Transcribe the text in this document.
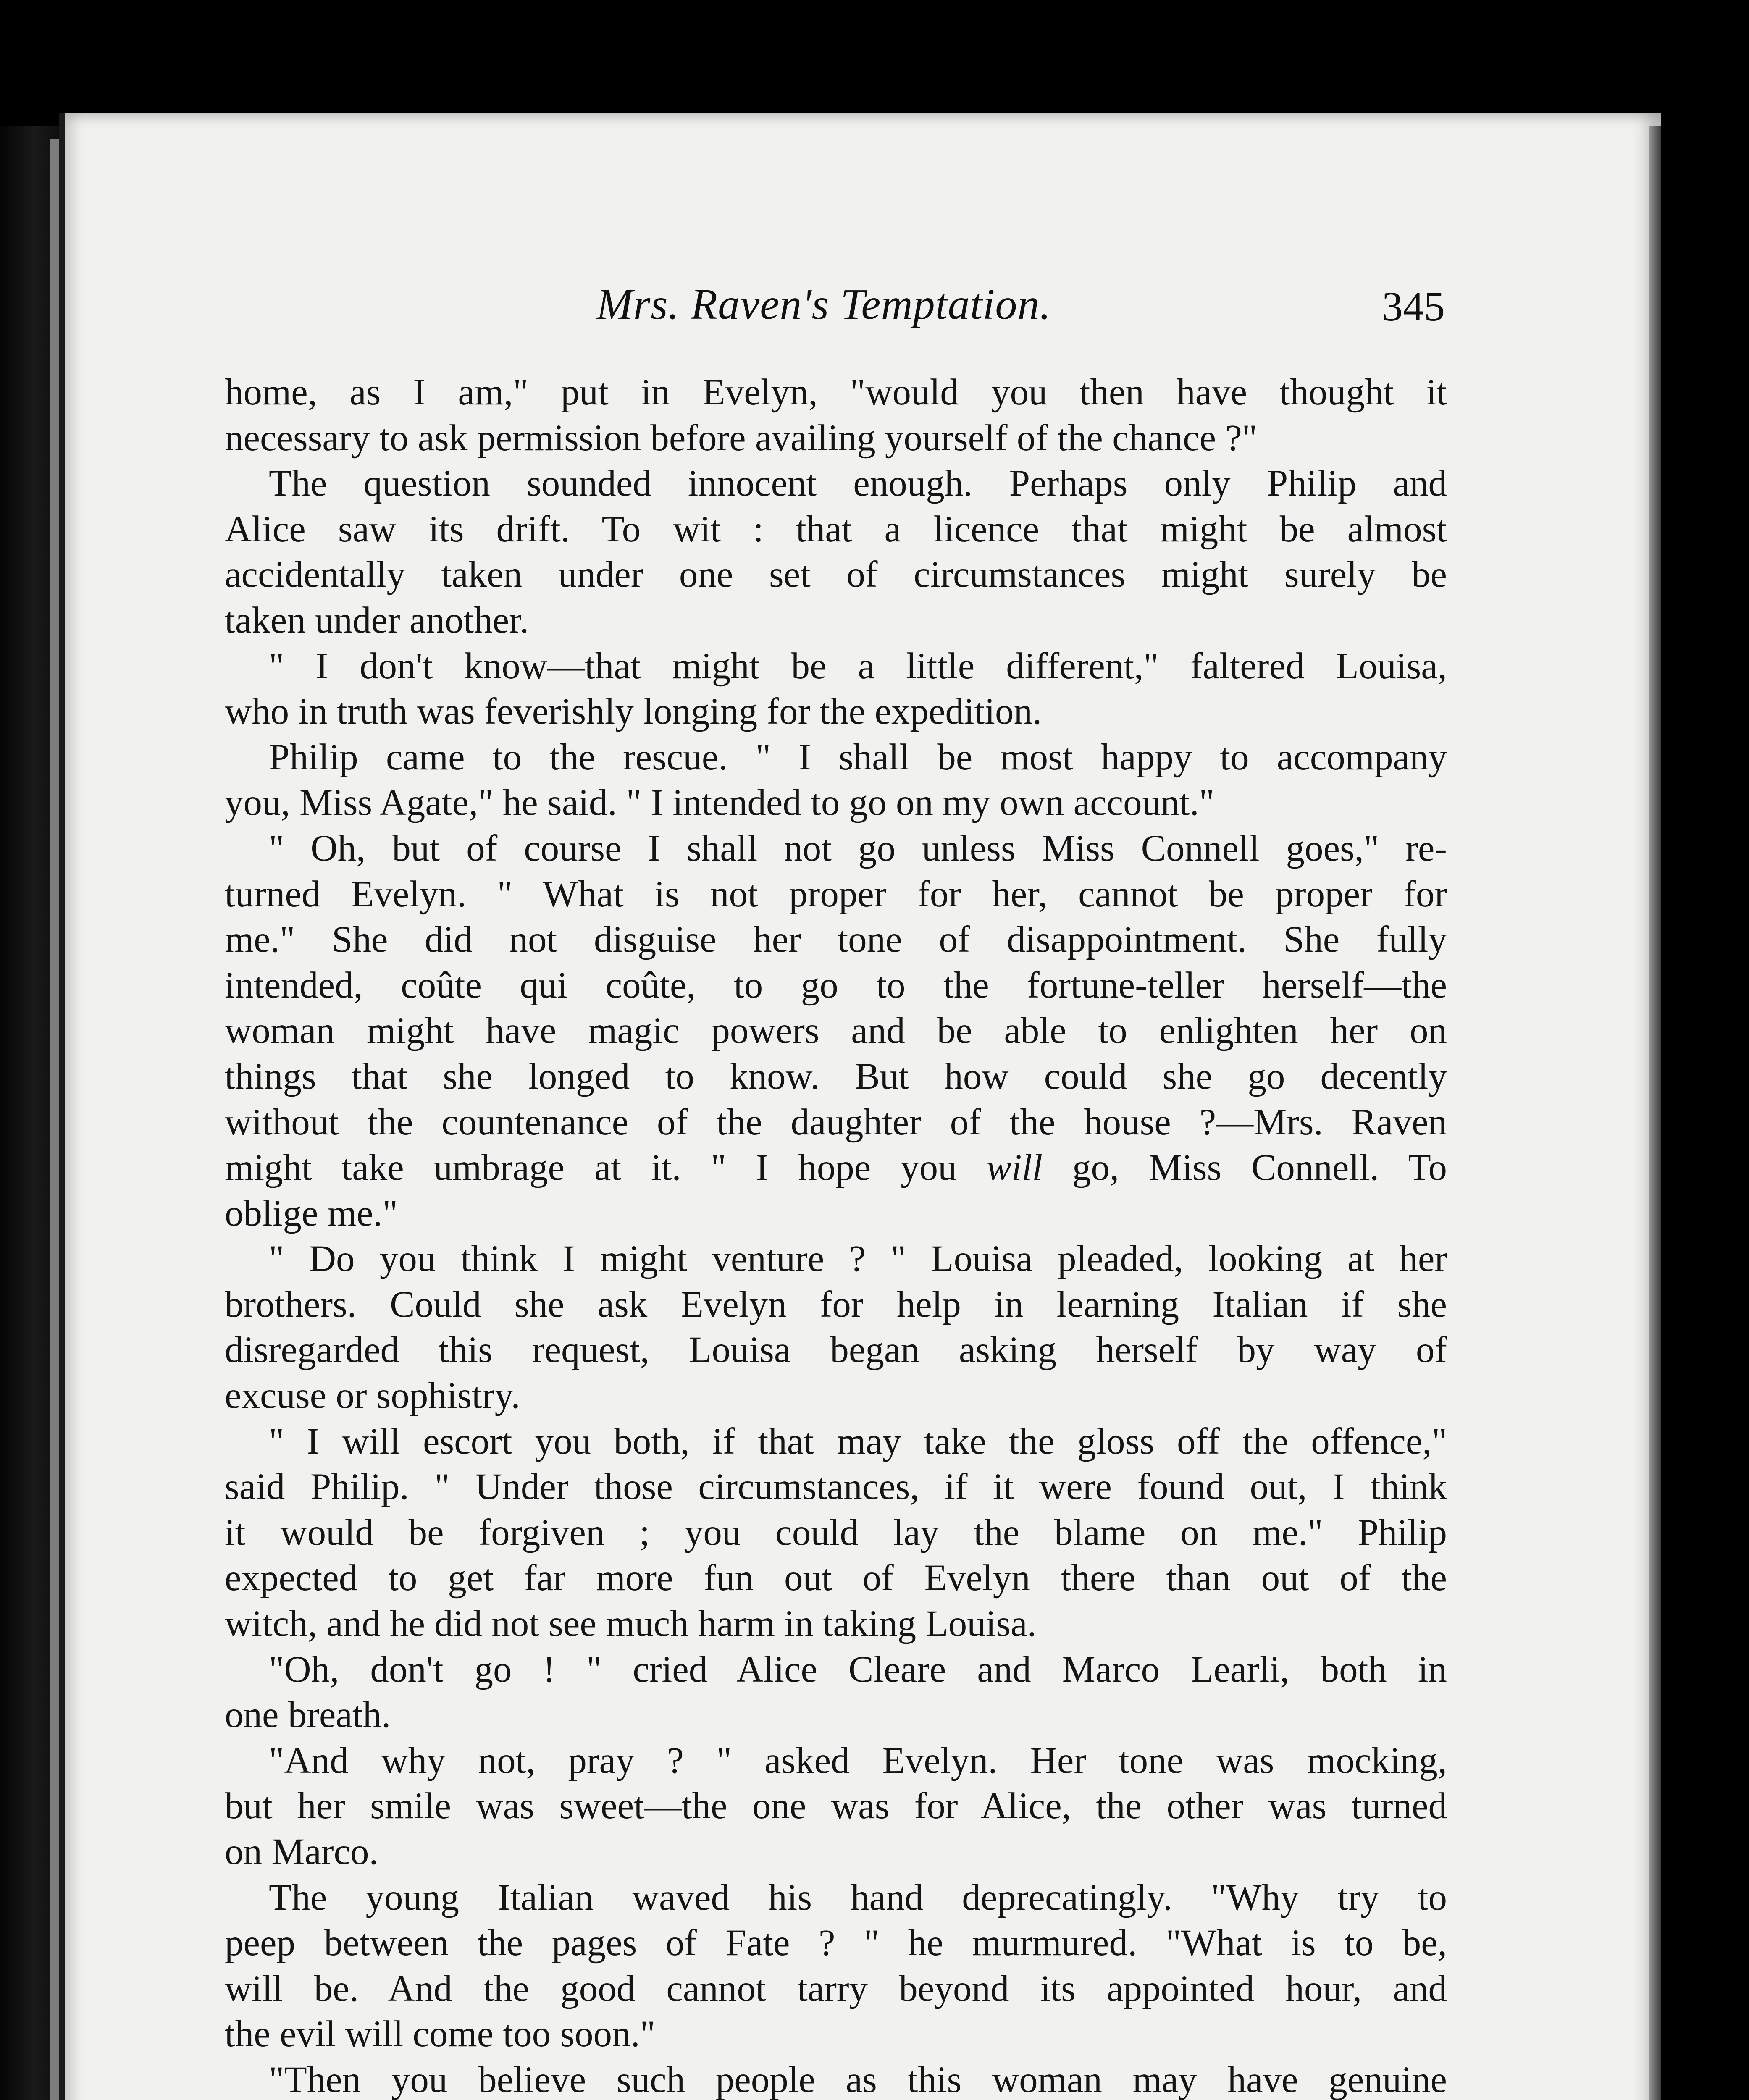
Mrs. Raven's Temptation.	345
home, as I am," put in Evelyn, "would you then have thought it
necessary to ask permission before availing yourself of the chance ?"
The question sounded innocent enough. Perhaps only Philip and
Alice saw its drift. To wit : that a licence that might be almost
accidentally taken under one set of circumstances might surely be
taken under another.
" I don't know—that might be a little different," faltered Louisa,
who in truth was feverishly longing for the expedition.
Philip came to the rescue. " I shall be most happy to accompany
you, Miss Agate," he said. " I intended to go on my own account."
" Oh, but of course I shall not go unless Miss Connell goes," re-
turned Evelyn. " What is not proper for her, cannot be proper for
me." She did not disguise her tone of disappointment. She fully
intended, coûte qui coûte, to go to the fortune-teller herself—the
woman might have magic powers and be able to enlighten her on
things that she longed to know. But how could she go decently
without the countenance of the daughter of the house ?—Mrs. Raven
might take umbrage at it. " I hope you will go, Miss Connell. To
oblige me."
" Do you think I might venture ? " Louisa pleaded, looking at her
brothers. Could she ask Evelyn for help in learning Italian if she
disregarded this request, Louisa began asking herself by way of
excuse or sophistry.
" I will escort you both, if that may take the gloss off the offence,"
said Philip. " Under those circumstances, if it were found out, I think
it would be forgiven ; you could lay the blame on me." Philip
expected to get far more fun out of Evelyn there than out of the
witch, and he did not see much harm in taking Louisa.
"Oh, don't go ! " cried Alice Cleare and Marco Learli, both in
one breath.
"And why not, pray ? " asked Evelyn. Her tone was mocking,
but her smile was sweet—the one was for Alice, the other was turned
on Marco.
The young Italian waved his hand deprecatingly. "Why try to
peep between the pages of Fate ? " he murmured. "What is to be,
will be. And the good cannot tarry beyond its appointed hour, and
the evil will come too soon."
"Then you believe such people as this woman may have genuine
